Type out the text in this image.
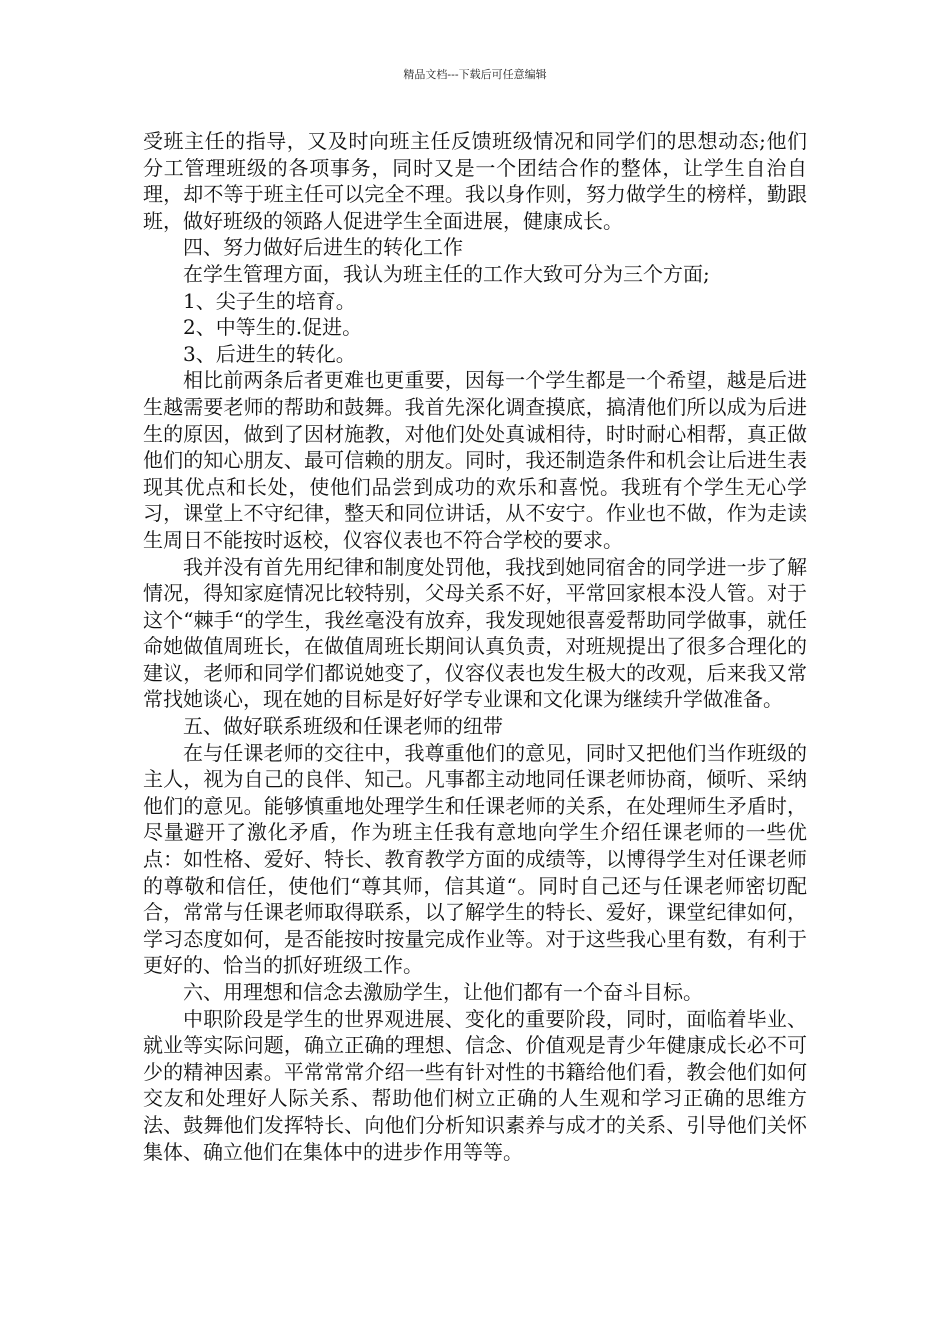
精品文档---下载后可任意编辑

受班主任的指导，又及时向班主任反馈班级情况和同学们的思想动态;他们分工管理班级的各项事务，同时又是一个团结合作的整体，让学生自治自理，却不等于班主任可以完全不理。我以身作则，努力做学生的榜样，勤跟班，做好班级的领路人促进学生全面进展，健康成长。

四、努力做好后进生的转化工作

在学生管理方面，我认为班主任的工作大致可分为三个方面;

1、尖子生的培育。

2、中等生的.促进。

3、后进生的转化。

相比前两条后者更难也更重要，因每一个学生都是一个希望，越是后进生越需要老师的帮助和鼓舞。我首先深化调查摸底，搞清他们所以成为后进生的原因，做到了因材施教，对他们处处真诚相待，时时耐心相帮，真正做他们的知心朋友、最可信赖的朋友。同时，我还制造条件和机会让后进生表现其优点和长处，使他们品尝到成功的欢乐和喜悦。我班有个学生无心学习，课堂上不守纪律，整天和同位讲话，从不安宁。作业也不做，作为走读生周日不能按时返校，仪容仪表也不符合学校的要求。

我并没有首先用纪律和制度处罚他，我找到她同宿舍的同学进一步了解情况，得知家庭情况比较特别，父母关系不好，平常回家根本没人管。对于这个“棘手“的学生，我丝毫没有放弃，我发现她很喜爱帮助同学做事，就任命她做值周班长，在做值周班长期间认真负责，对班规提出了很多合理化的建议，老师和同学们都说她变了，仪容仪表也发生极大的改观，后来我又常常找她谈心，现在她的目标是好好学专业课和文化课为继续升学做准备。

五、做好联系班级和任课老师的纽带

在与任课老师的交往中，我尊重他们的意见，同时又把他们当作班级的主人，视为自己的良伴、知己。凡事都主动地同任课老师协商，倾听、采纳他们的意见。能够慎重地处理学生和任课老师的关系，在处理师生矛盾时，尽量避开了激化矛盾，作为班主任我有意地向学生介绍任课老师的一些优点：如性格、爱好、特长、教育教学方面的成绩等，以博得学生对任课老师的尊敬和信任，使他们“尊其师，信其道“。同时自己还与任课老师密切配合，常常与任课老师取得联系，以了解学生的特长、爱好，课堂纪律如何，学习态度如何，是否能按时按量完成作业等。对于这些我心里有数，有利于更好的、恰当的抓好班级工作。

六、用理想和信念去激励学生，让他们都有一个奋斗目标。

中职阶段是学生的世界观进展、变化的重要阶段，同时，面临着毕业、就业等实际问题，确立正确的理想、信念、价值观是青少年健康成长必不可少的精神因素。平常常常介绍一些有针对性的书籍给他们看，教会他们如何交友和处理好人际关系、帮助他们树立正确的人生观和学习正确的思维方法、鼓舞他们发挥特长、向他们分析知识素养与成才的关系、引导他们关怀集体、确立他们在集体中的进步作用等等。
